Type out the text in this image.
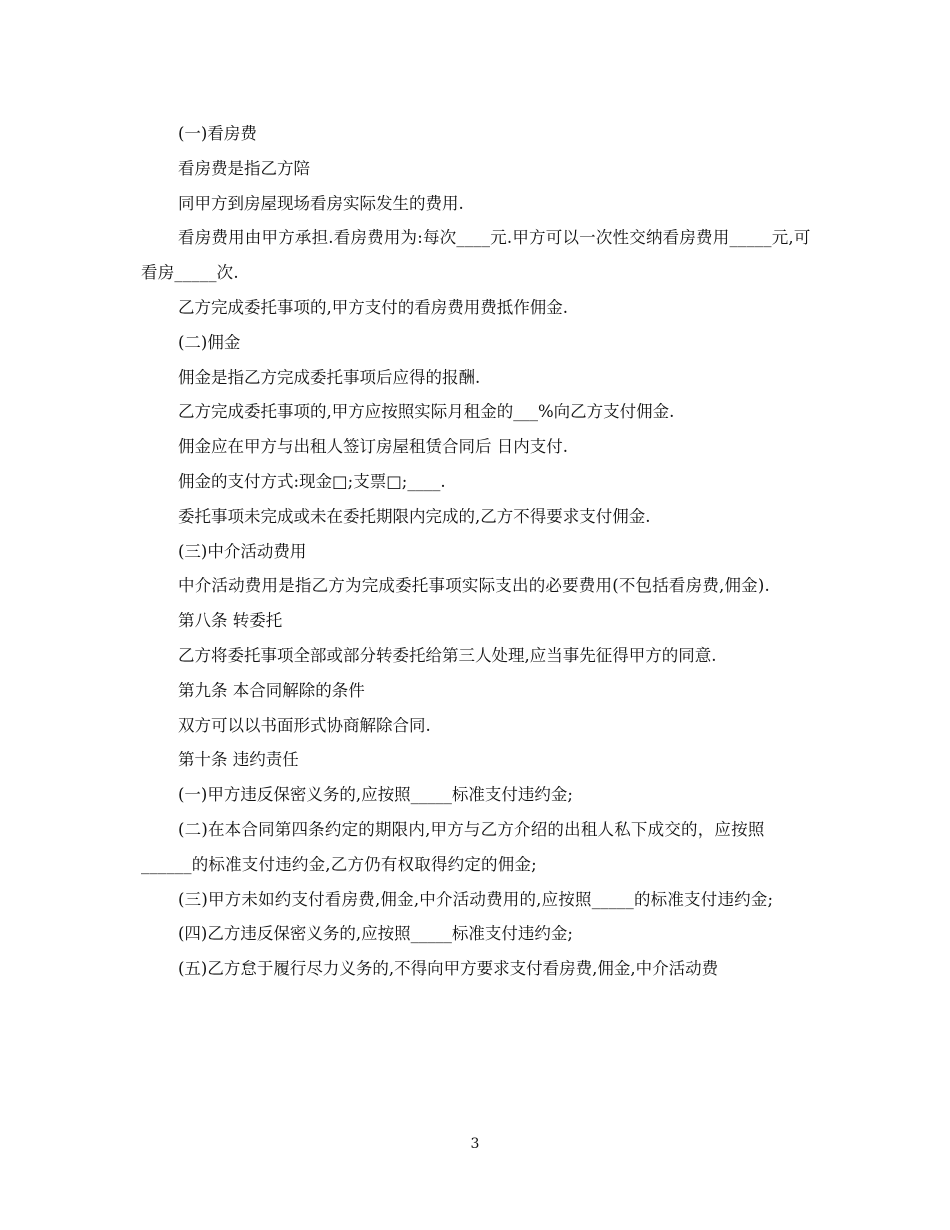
(一)看房费

看房费是指乙方陪

同甲方到房屋现场看房实际发生的费用.

看房费用由甲方承担.看房费用为:每次____元.甲方可以一次性交纳看房费用_____元,可看房_____次.

乙方完成委托事项的,甲方支付的看房费用费抵作佣金.

(二)佣金

佣金是指乙方完成委托事项后应得的报酬.

乙方完成委托事项的,甲方应按照实际月租金的___%向乙方支付佣金.

佣金应在甲方与出租人签订房屋租赁合同后 日内支付.

佣金的支付方式:现金□;支票□;____.

委托事项未完成或未在委托期限内完成的,乙方不得要求支付佣金.

(三)中介活动费用

中介活动费用是指乙方为完成委托事项实际支出的必要费用(不包括看房费,佣金).

第八条 转委托

乙方将委托事项全部或部分转委托给第三人处理,应当事先征得甲方的同意.

第九条 本合同解除的条件

双方可以以书面形式协商解除合同.

第十条 违约责任

(一)甲方违反保密义务的,应按照_____标准支付违约金;

(二)在本合同第四条约定的期限内,甲方与乙方介绍的出租人私下成交的，应按照______的标准支付违约金,乙方仍有权取得约定的佣金;

(三)甲方未如约支付看房费,佣金,中介活动费用的,应按照_____的标准支付违约金;

(四)乙方违反保密义务的,应按照_____标准支付违约金;

(五)乙方怠于履行尽力义务的,不得向甲方要求支付看房费,佣金,中介活动费

3
